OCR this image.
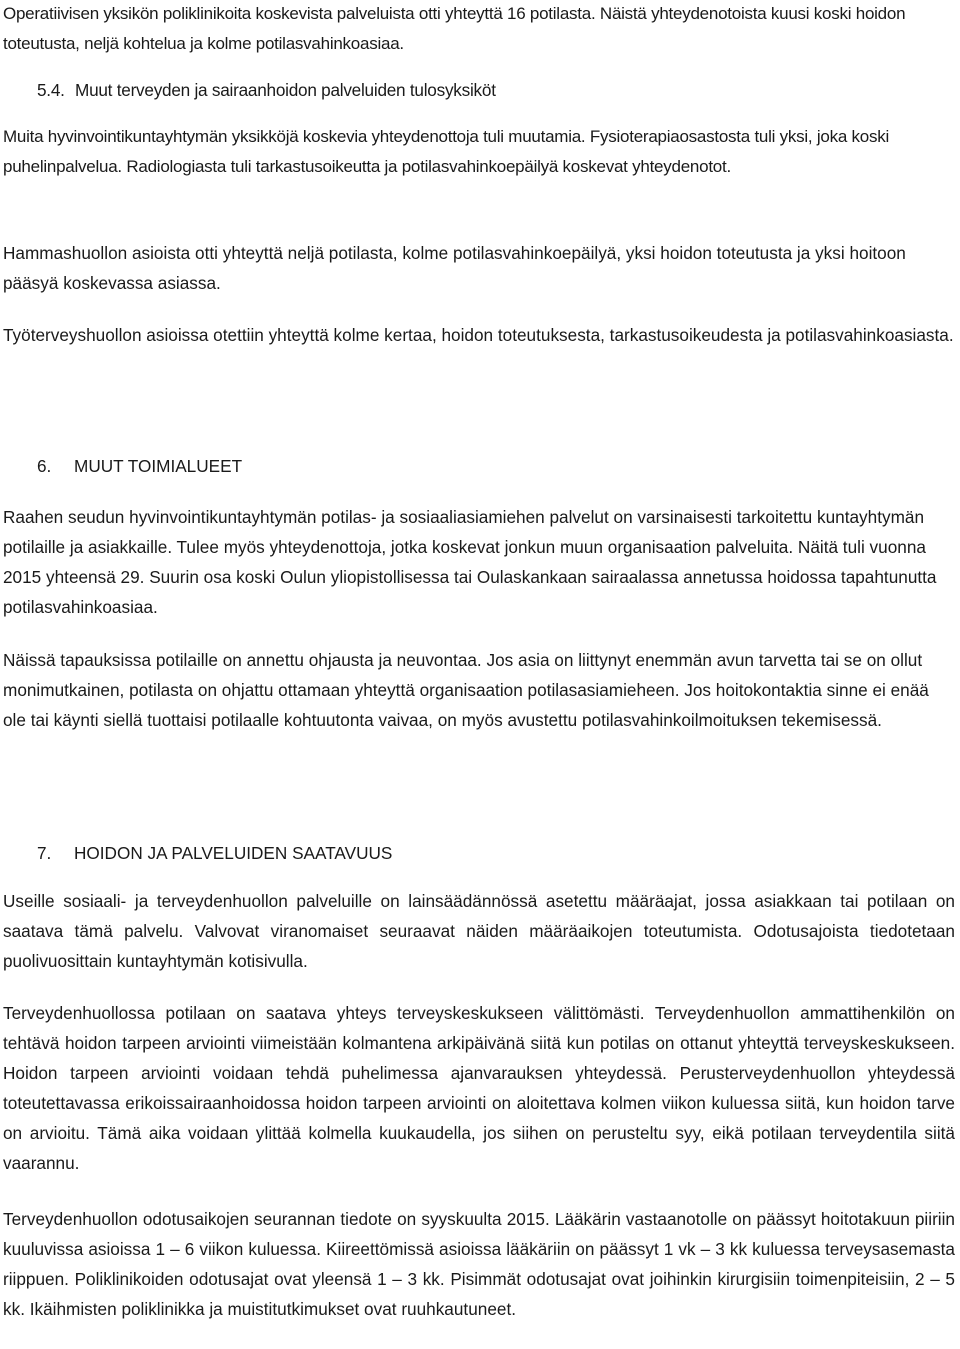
Operatiivisen yksikön poliklinikoita koskevista palveluista otti yhteyttä 16 potilasta. Näistä yhteydenotoista kuusi koski hoidon toteutusta, neljä kohtelua ja kolme potilasvahinkoasiaa.

5.4. Muut terveyden ja sairaanhoidon palveluiden tulosyksiköt

Muita hyvinvointikuntayhtymän yksikköjä koskevia yhteydenottoja tuli muutamia. Fysioterapiaosastosta tuli yksi, joka koski puhelinpalvelua. Radiologiasta tuli tarkastusoikeutta ja potilasvahinkoepäilyä koskevat yhteydenotot.

Hammashuollon asioista otti yhteyttä neljä potilasta, kolme potilasvahinkoepäilyä, yksi hoidon toteutusta ja yksi hoitoon pääsyä koskevassa asiassa.

Työterveyshuollon asioissa otettiin yhteyttä kolme kertaa, hoidon toteutuksesta, tarkastusoikeudesta ja potilasvahinkoasiasta.

6. MUUT TOIMIALUEET

Raahen seudun hyvinvointikuntayhtymän potilas- ja sosiaaliasiamiehen palvelut on varsinaisesti tarkoitettu kuntayhtymän potilaille ja asiakkaille. Tulee myös yhteydenottoja, jotka koskevat jonkun muun organisaation palveluita. Näitä tuli vuonna 2015 yhteensä 29. Suurin osa koski Oulun yliopistollisessa tai Oulaskankaan sairaalassa annetussa hoidossa tapahtunutta potilasvahinkoasiaa.

Näissä tapauksissa potilaille on annettu ohjausta ja neuvontaa. Jos asia on liittynyt enemmän avun tarvetta tai se on ollut monimutkainen, potilasta on ohjattu ottamaan yhteyttä organisaation potilasasiamieheen. Jos hoitokontaktia sinne ei enää ole tai käynti siellä tuottaisi potilaalle kohtuutonta vaivaa, on myös avustettu potilasvahinkoilmoituksen tekemisessä.

7. HOIDON JA PALVELUIDEN SAATAVUUS

Useille sosiaali- ja terveydenhuollon palveluille on lainsäädännössä asetettu määräajat, jossa asiakkaan tai potilaan on saatava tämä palvelu. Valvovat viranomaiset seuraavat näiden määräaikojen toteutumista. Odotusajoista tiedotetaan puolivuosittain kuntayhtymän kotisivulla.

Terveydenhuollossa potilaan on saatava yhteys terveyskeskukseen välittömästi. Terveydenhuollon ammattihenkilön on tehtävä hoidon tarpeen arviointi viimeistään kolmantena arkipäivänä siitä kun potilas on ottanut yhteyttä terveyskeskukseen. Hoidon tarpeen arviointi voidaan tehdä puhelimessa ajanvarauksen yhteydessä. Perusterveydenhuollon yhteydessä toteutettavassa erikoissairaanhoidossa hoidon tarpeen arviointi on aloitettava kolmen viikon kuluessa siitä, kun hoidon tarve on arvioitu. Tämä aika voidaan ylittää kolmella kuukaudella, jos siihen on perusteltu syy, eikä potilaan terveydentila siitä vaarannu.

Terveydenhuollon odotusaikojen seurannan tiedote on syyskuulta 2015. Lääkärin vastaanotolle on päässyt hoitotakuun piiriin kuuluvissa asioissa 1 – 6 viikon kuluessa. Kiireettömissä asioissa lääkäriin on päässyt 1 vk – 3 kk kuluessa terveysasemasta riippuen. Poliklinikoiden odotusajat ovat yleensä 1 – 3 kk. Pisimmät odotusajat ovat joihinkin kirurgisiin toimenpiteisiin, 2 – 5 kk. Ikäihmisten poliklinikka ja muistitutkimukset ovat ruuhkautuneet.
